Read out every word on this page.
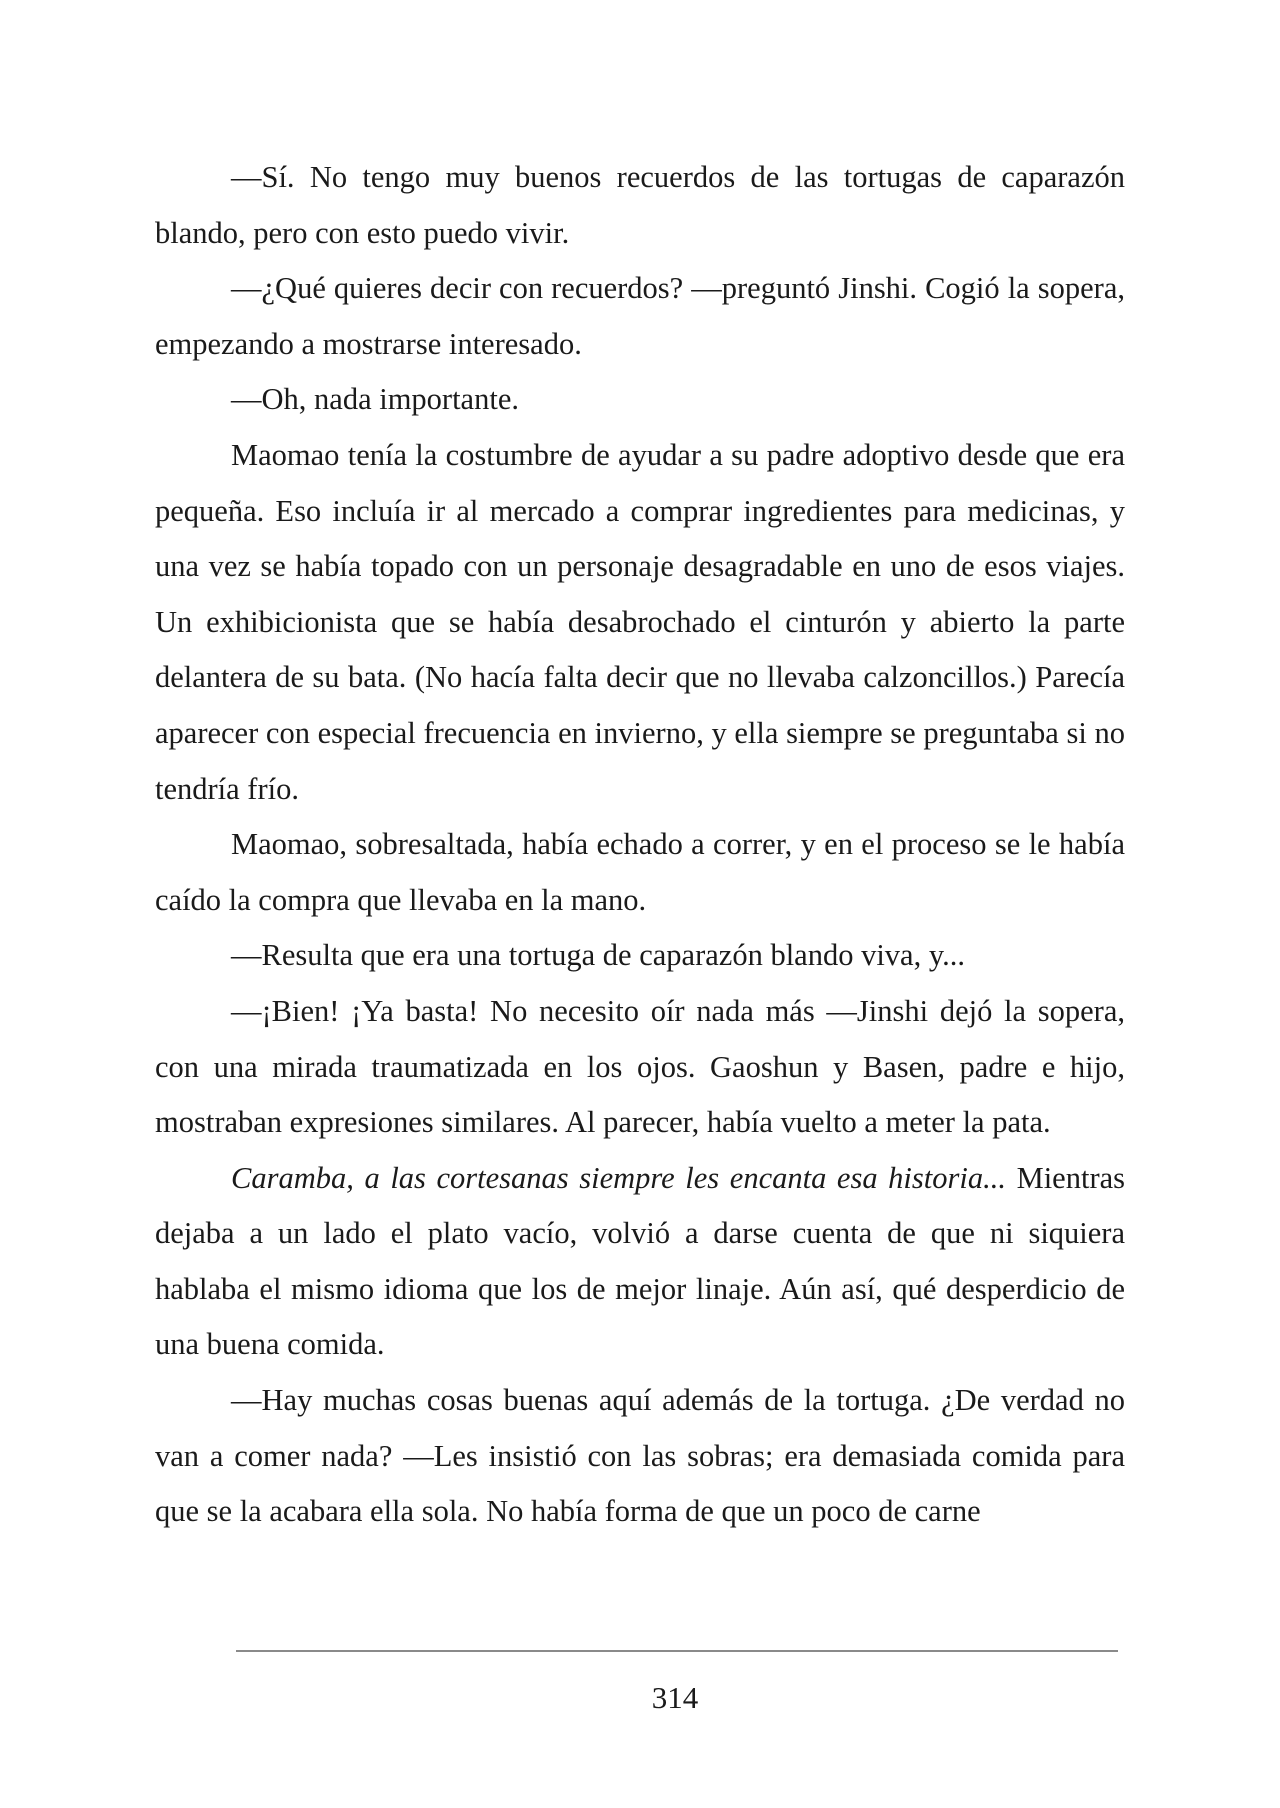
—Sí. No tengo muy buenos recuerdos de las tortugas de caparazón blando, pero con esto puedo vivir.

—¿Qué quieres decir con recuerdos? —preguntó Jinshi. Cogió la sopera, empezando a mostrarse interesado.

—Oh, nada importante.

Maomao tenía la costumbre de ayudar a su padre adoptivo desde que era pequeña. Eso incluía ir al mercado a comprar ingredientes para medicinas, y una vez se había topado con un personaje desagradable en uno de esos viajes. Un exhibicionista que se había desabrochado el cinturón y abierto la parte delantera de su bata. (No hacía falta decir que no llevaba calzoncillos.) Parecía aparecer con especial frecuencia en invierno, y ella siempre se preguntaba si no tendría frío.

Maomao, sobresaltada, había echado a correr, y en el proceso se le había caído la compra que llevaba en la mano.

—Resulta que era una tortuga de caparazón blando viva, y...

—¡Bien! ¡Ya basta! No necesito oír nada más —Jinshi dejó la sopera, con una mirada traumatizada en los ojos. Gaoshun y Basen, padre e hijo, mostraban expresiones similares. Al parecer, había vuelto a meter la pata.

Caramba, a las cortesanas siempre les encanta esa historia... Mientras dejaba a un lado el plato vacío, volvió a darse cuenta de que ni siquiera hablaba el mismo idioma que los de mejor linaje. Aún así, qué desperdicio de una buena comida.

—Hay muchas cosas buenas aquí además de la tortuga. ¿De verdad no van a comer nada? —Les insistió con las sobras; era demasiada comida para que se la acabara ella sola. No había forma de que un poco de carne

314
